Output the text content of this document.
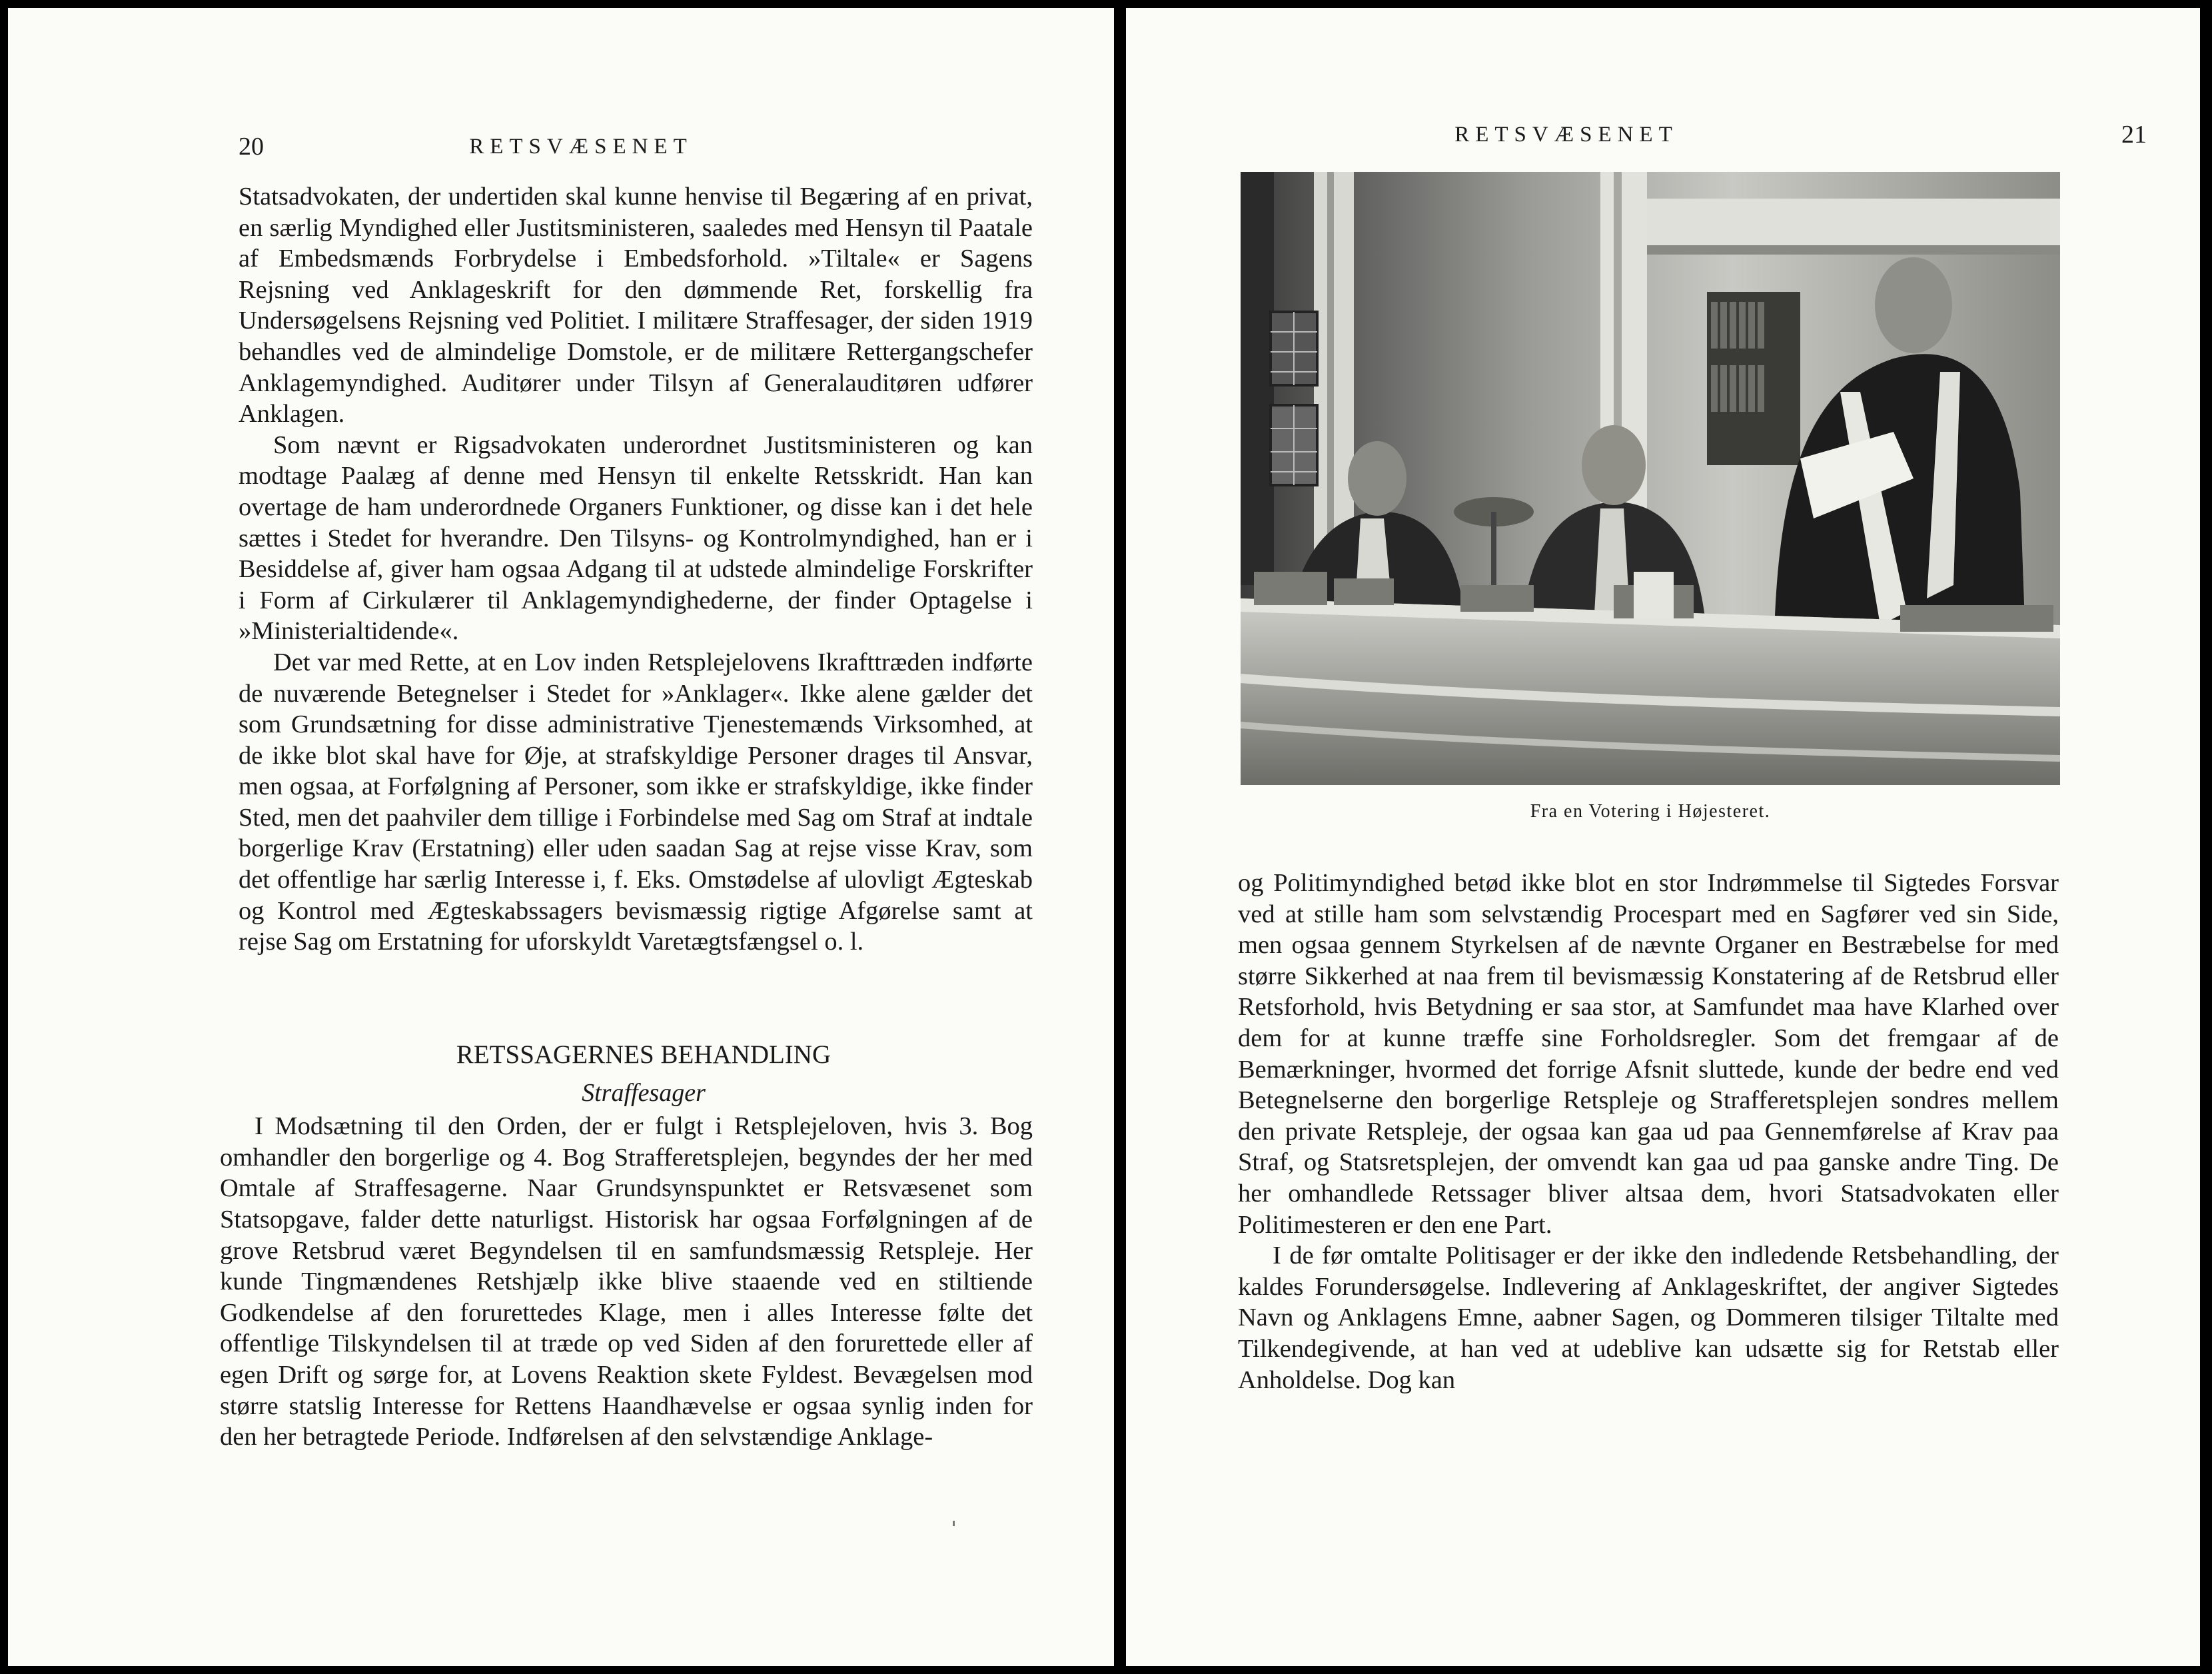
20	RETSVÆSENET

Statsadvokaten, der undertiden skal kunne henvise til Begæring af en privat, en særlig Myndighed eller Justitsministeren, saaledes med Hensyn til Paatale af Embedsmænds Forbrydelse i Embedsforhold. »Tiltale« er Sagens Rejsning ved Anklageskrift for den dømmende Ret, forskellig fra Undersøgelsens Rejsning ved Politiet. I militære Straffesager, der siden 1919 behandles ved de almindelige Domstole, er de militære Rettergangschefer Anklagemyndighed. Auditører under Tilsyn af Generalauditøren udfører Anklagen.

Som nævnt er Rigsadvokaten underordnet Justitsministeren og kan modtage Paalæg af denne med Hensyn til enkelte Retsskridt. Han kan overtage de ham underordnede Organers Funktioner, og disse kan i det hele sættes i Stedet for hverandre. Den Tilsyns- og Kontrolmyndighed, han er i Besiddelse af, giver ham ogsaa Adgang til at udstede almindelige Forskrifter i Form af Cirkulærer til Anklagemyndighederne, der finder Optagelse i »Ministerialtidende«.

Det var med Rette, at en Lov inden Retsplejelovens Ikrafttræden indførte de nuværende Betegnelser i Stedet for »Anklager«. Ikke alene gælder det som Grundsætning for disse administrative Tjenestemænds Virksomhed, at de ikke blot skal have for Øje, at strafskyldige Personer drages til Ansvar, men ogsaa, at Forfølgning af Personer, som ikke er strafskyldige, ikke finder Sted, men det paahviler dem tillige i Forbindelse med Sag om Straf at indtale borgerlige Krav (Erstatning) eller uden saadan Sag at rejse visse Krav, som det offentlige har særlig Interesse i, f. Eks. Omstødelse af ulovligt Ægteskab og Kontrol med Ægteskabssagers bevismæssig rigtige Afgørelse samt at rejse Sag om Erstatning for uforskyldt Varetægtsfængsel o. l.

RETSSAGERNES BEHANDLING

Straffesager

I Modsætning til den Orden, der er fulgt i Retsplejeloven, hvis 3. Bog omhandler den borgerlige og 4. Bog Strafferetsplejen, begyndes der her med Omtale af Straffesagerne. Naar Grundsynspunktet er Retsvæsenet som Statsopgave, falder dette naturligst. Historisk har ogsaa Forfølgningen af de grove Retsbrud været Begyndelsen til en samfundsmæssig Retspleje. Her kunde Tingmændenes Retshjælp ikke blive staaende ved en stiltiende Godkendelse af den forurettedes Klage, men i alles Interesse følte det offentlige Tilskyndelsen til at træde op ved Siden af den forurettede eller af egen Drift og sørge for, at Lovens Reaktion skete Fyldest. Bevægelsen mod større statslig Interesse for Rettens Haandhævelse er ogsaa synlig inden for den her betragtede Periode. Indførelsen af den selvstændige Anklage-

RETSVÆSENET	21
Fra en Votering i Højesteret.

og Politimyndighed betød ikke blot en stor Indrømmelse til Sigtedes Forsvar ved at stille ham som selvstændig Procespart med en Sagfører ved sin Side, men ogsaa gennem Styrkelsen af de nævnte Organer en Bestræbelse for med større Sikkerhed at naa frem til bevismæssig Konstatering af de Retsbrud eller Retsforhold, hvis Betydning er saa stor, at Samfundet maa have Klarhed over dem for at kunne træffe sine Forholdsregler. Som det fremgaar af de Bemærkninger, hvormed det forrige Afsnit sluttede, kunde der bedre end ved Betegnelserne den borgerlige Retspleje og Strafferetsplejen sondres mellem den private Retspleje, der ogsaa kan gaa ud paa Gennemførelse af Krav paa Straf, og Statsretsplejen, der omvendt kan gaa ud paa ganske andre Ting. De her omhandlede Retssager bliver altsaa dem, hvori Statsadvokaten eller Politimesteren er den ene Part.

I de før omtalte Politisager er der ikke den indledende Retsbehandling, der kaldes Forundersøgelse. Indlevering af Anklageskriftet, der angiver Sigtedes Navn og Anklagens Emne, aabner Sagen, og Dommeren tilsiger Tiltalte med Tilkendegivende, at han ved at udeblive kan udsætte sig for Retstab eller Anholdelse. Dog kan
